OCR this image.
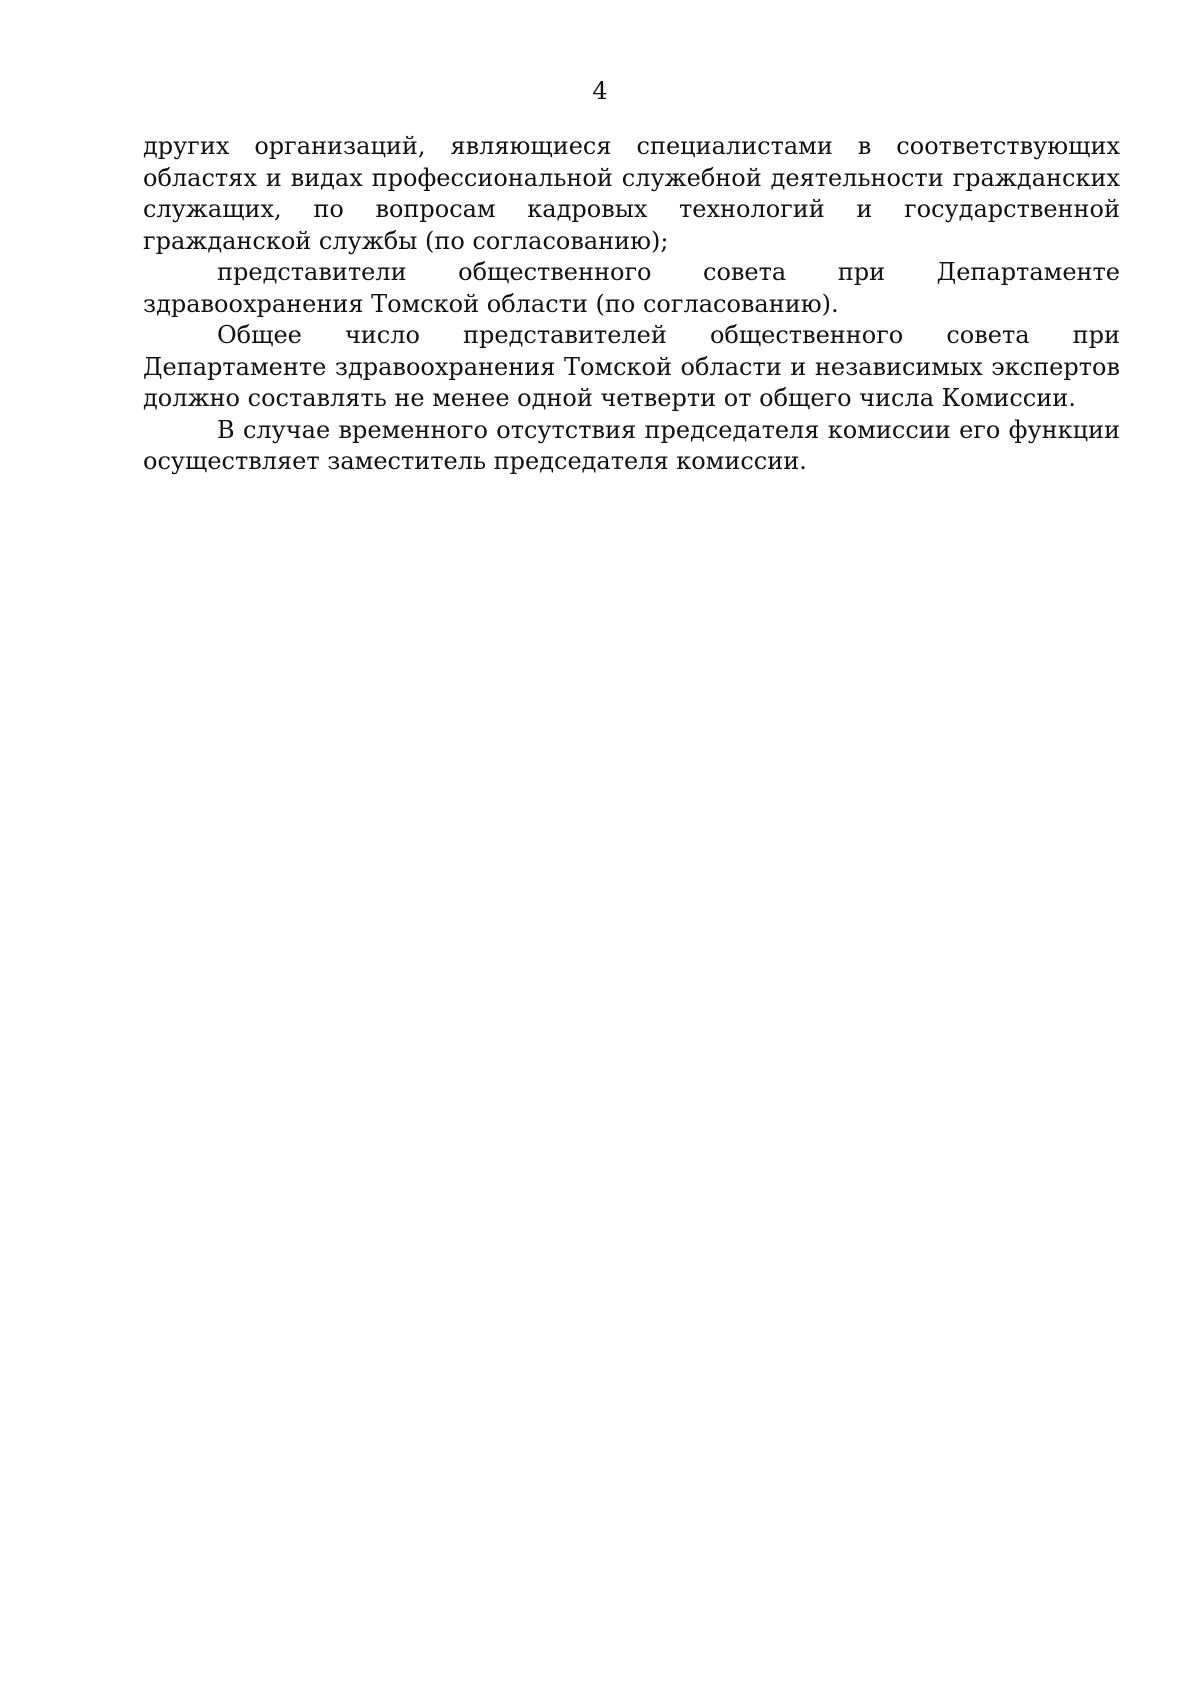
4

других организаций, являющиеся специалистами в соответствующих областях и видах профессиональной служебной деятельности гражданских служащих, по вопросам кадровых технологий и государственной гражданской службы (по согласованию);

представители общественного совета при Департаменте здравоохранения Томской области (по согласованию).

Общее число представителей общественного совета при Департаменте здравоохранения Томской области и независимых экспертов должно составлять не менее одной четверти от общего числа Комиссии.

В случае временного отсутствия председателя комиссии его функции осуществляет заместитель председателя комиссии.
